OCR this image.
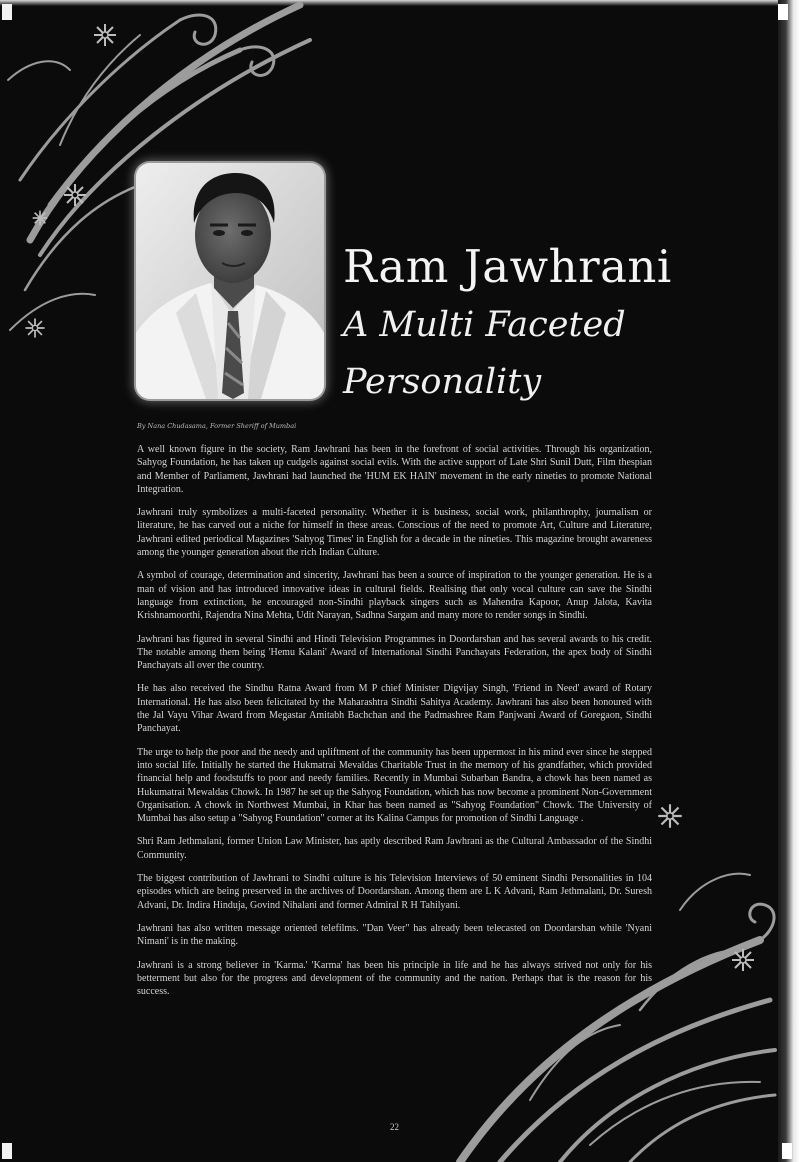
Ram Jawhrani
A Multi Faceted
Personality
By Nana Chudasama, Former Sheriff of Mumbai

A well known figure in the society, Ram Jawhrani has been in the forefront of social activities. Through his organization, Sahyog Foundation, he has taken up cudgels against social evils. With the active support of Late Shri Sunil Dutt, Film thespian and Member of Parliament, Jawhrani had launched the 'HUM EK HAIN' movement in the early nineties to promote National Integration.

Jawhrani truly symbolizes a multi-faceted personality. Whether it is business, social work, philanthrophy, journalism or literature, he has carved out a niche for himself in these areas. Conscious of the need to promote Art, Culture and Literature, Jawhrani edited periodical Magazines 'Sahyog Times' in English for a decade in the nineties. This magazine brought awareness among the younger generation about the rich Indian Culture.

A symbol of courage, determination and sincerity, Jawhrani has been a source of inspiration to the younger generation. He is a man of vision and has introduced innovative ideas in cultural fields. Realising that only vocal culture can save the Sindhi language from extinction, he encouraged non-Sindhi playback singers such as Mahendra Kapoor, Anup Jalota, Kavita Krishnamoorthi, Rajendra Nina Mehta, Udit Narayan, Sadhna Sargam and many more to render songs in Sindhi.

Jawhrani has figured in several Sindhi and Hindi Television Programmes in Doordarshan and has several awards to his credit. The notable among them being 'Hemu Kalani' Award of International Sindhi Panchayats Federation, the apex body of Sindhi Panchayats all over the country.

He has also received the Sindhu Ratna Award from M P chief Minister Digvijay Singh, 'Friend in Need' award of Rotary International. He has also been felicitated by the Maharashtra Sindhi Sahitya Academy. Jawhrani has also been honoured with the Jal Vayu Vihar Award from Megastar Amitabh Bachchan and the Padmashree Ram Panjwani Award of Goregaon, Sindhi Panchayat.

The urge to help the poor and the needy and upliftment of the community has been uppermost in his mind ever since he stepped into social life. Initially he started the Hukmatrai Mevaldas Charitable Trust in the memory of his grandfather, which provided financial help and foodstuffs to poor and needy families. Recently in Mumbai Subarban Bandra, a chowk has been named as Hukumatrai Mewaldas Chowk. In 1987 he set up the Sahyog Foundation, which has now become a prominent Non-Government Organisation. A chowk in Northwest Mumbai, in Khar has been named as "Sahyog Foundation" Chowk. The University of Mumbai has also setup a "Sahyog Foundation" corner at its Kalina Campus for promotion of Sindhi Language .

Shri Ram Jethmalani, former Union Law Minister, has aptly described Ram Jawhrani as the Cultural Ambassador of the Sindhi Community.

The biggest contribution of Jawhrani to Sindhi culture is his Television Interviews of 50 eminent Sindhi Personalities in 104 episodes which are being preserved in the archives of Doordarshan. Among them are L K Advani, Ram Jethmalani, Dr. Suresh Advani, Dr. Indira Hinduja, Govind Nihalani and former Admiral R H Tahilyani.

Jawhrani has also written message oriented telefilms. "Dan Veer" has already been telecasted on Doordarshan while 'Nyani Nimani' is in the making.

Jawhrani is a strong believer in 'Karma.' 'Karma' has been his principle in life and he has always strived not only for his betterment but also for the progress and development of the community and the nation. Perhaps that is the reason for his success.

22
